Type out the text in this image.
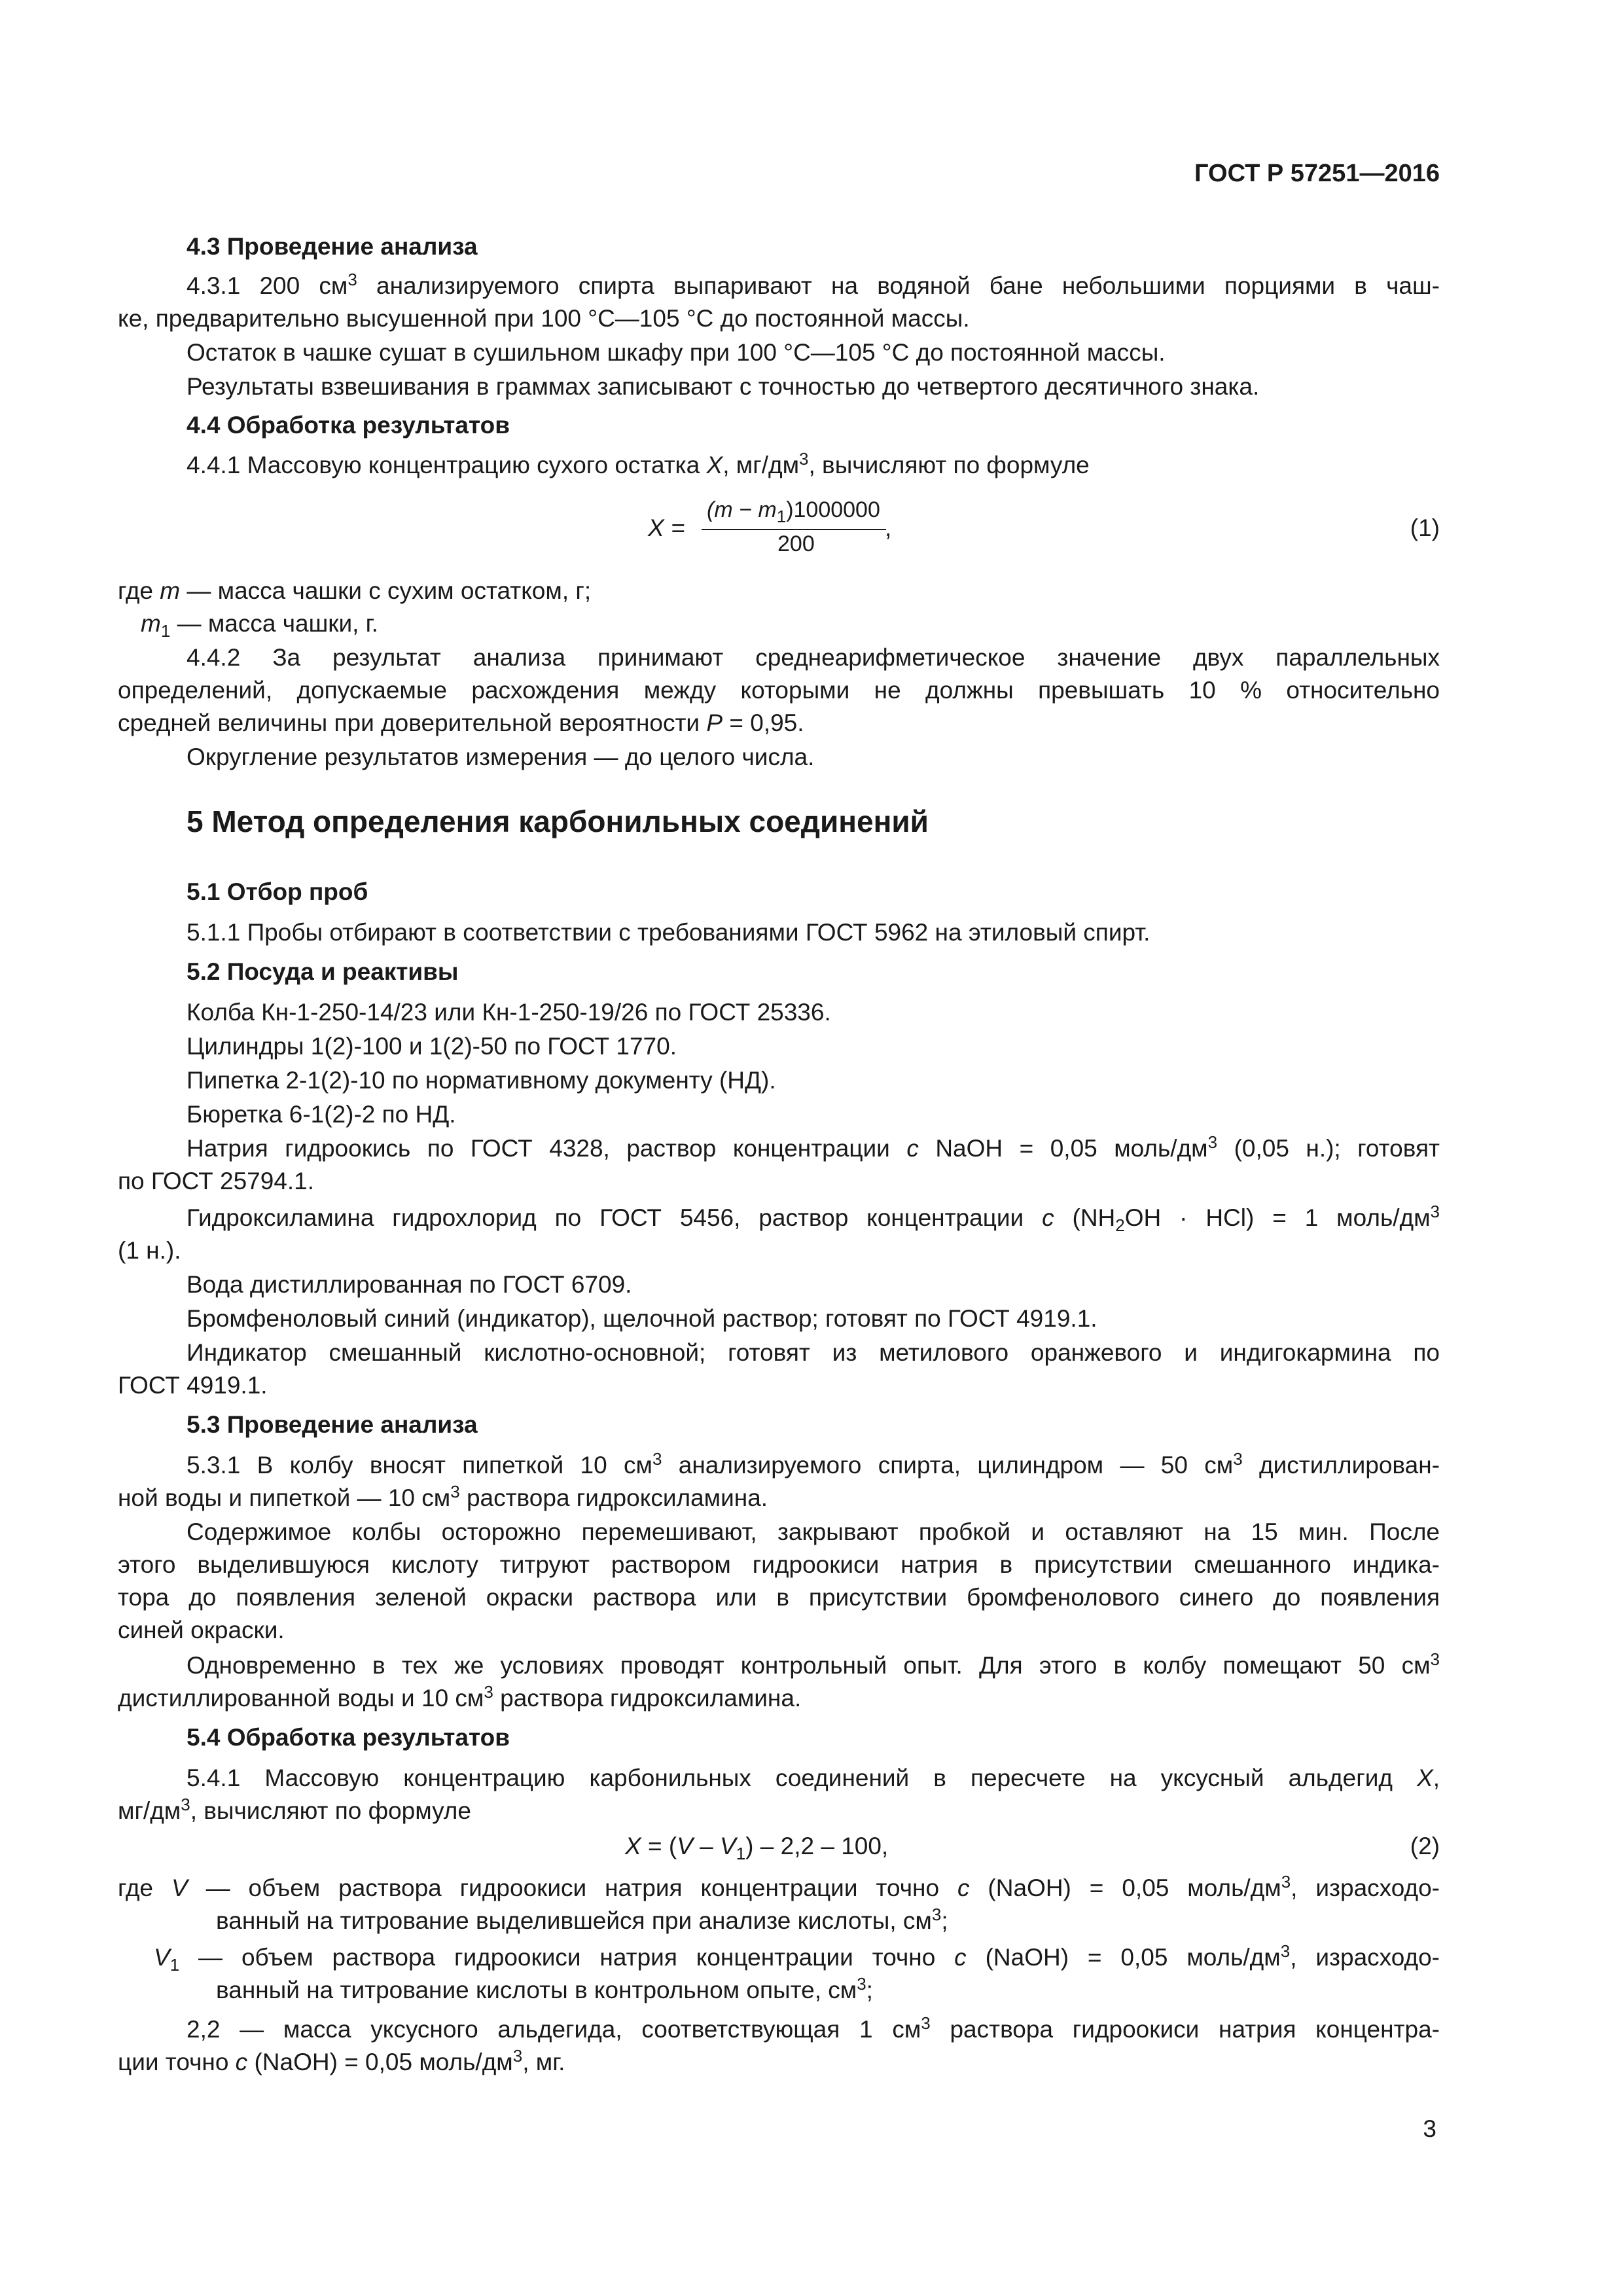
ГОСТ Р 57251—2016
4.3 Проведение анализа
4.3.1 200 $см^3$ анализируемого спирта выпаривают на водяной бане небольшими порциями в чаш-
ке, предварительно высушенной при 100 °С—105 °С до постоянной массы.
Остаток в чашке сушат в сушильном шкафу при 100 °С—105 °С до постоянной массы.
Результаты взвешивания в граммах записывают с точностью до четвертого десятичного знака.
4.4 Обработка результатов
4.4.1 Массовую концентрацию сухого остатка X, $мг/дм^3$, вычисляют по формуле
X =
$(m - m_1)1000000$
200
,	(1)
где m — масса чашки с сухим остатком, г;
$m_1$ — масса чашки, г.
4.4.2 За результат анализа принимают среднеарифметическое значение двух параллельных
определений, допускаемые расхождения между которыми не должны превышать 10 % относительно
средней величины при доверительной вероятности P = 0,95.
Округление результатов измерения — до целого числа.
5 Метод определения карбонильных соединений
5.1 Отбор проб
5.1.1 Пробы отбирают в соответствии с требованиями ГОСТ 5962 на этиловый спирт.
5.2 Посуда и реактивы
Колба Кн-1-250-14/23 или Кн-1-250-19/26 по ГОСТ 25336.
Цилиндры 1(2)-100 и 1(2)-50 по ГОСТ 1770.
Пипетка 2-1(2)-10 по нормативному документу (НД).
Бюретка 6-1(2)-2 по НД.
Натрия гидроокись по ГОСТ 4328, раствор концентрации c NaOH = 0,05 моль/$дм^3$ (0,05 н.); готовят
по ГОСТ 25794.1.
Гидроксиламина гидрохлорид по ГОСТ 5456, раствор концентрации c $(NH_2OH \cdot HCl) = 1$ моль/$дм^3$
(1 н.).
Вода дистиллированная по ГОСТ 6709.
Бромфеноловый синий (индикатор), щелочной раствор; готовят по ГОСТ 4919.1.
Индикатор смешанный кислотно-основной; готовят из метилового оранжевого и индигокармина по
ГОСТ 4919.1.
5.3 Проведение анализа
5.3.1 В колбу вносят пипеткой 10 $см^3$ анализируемого спирта, цилиндром — 50 $см^3$ дистиллирован-
ной воды и пипеткой — 10 $см^3$ раствора гидроксиламина.
Содержимое колбы осторожно перемешивают, закрывают пробкой и оставляют на 15 мин. После
этого выделившуюся кислоту титруют раствором гидроокиси натрия в присутствии смешанного индика-
тора до появления зеленой окраски раствора или в присутствии бромфенолового синего до появления
синей окраски.
Одновременно в тех же условиях проводят контрольный опыт. Для этого в колбу помещают 50 $см^3$
дистиллированной воды и 10 $см^3$ раствора гидроксиламина.
5.4 Обработка результатов
5.4.1 Массовую концентрацию карбонильных соединений в пересчете на уксусный альдегид X,
$мг/дм^3$, вычисляют по формуле
$X = (V - V_1) - 2,2 - 100$,	(2)
где V — объем раствора гидроокиси натрия концентрации точно c (NaOH) = 0,05 моль/$дм^3$, израсходо-
ванный на титрование выделившейся при анализе кислоты, $см^3$;
$V_1$ — объем раствора гидроокиси натрия концентрации точно c (NaOH) = 0,05 моль/$дм^3$, израсходо-
ванный на титрование кислоты в контрольном опыте, $см^3$;
2,2 — масса уксусного альдегида, соответствующая 1 $см^3$ раствора гидроокиси натрия концентра-
ции точно c (NaOH) = 0,05 моль/$дм^3$, мг.
3
